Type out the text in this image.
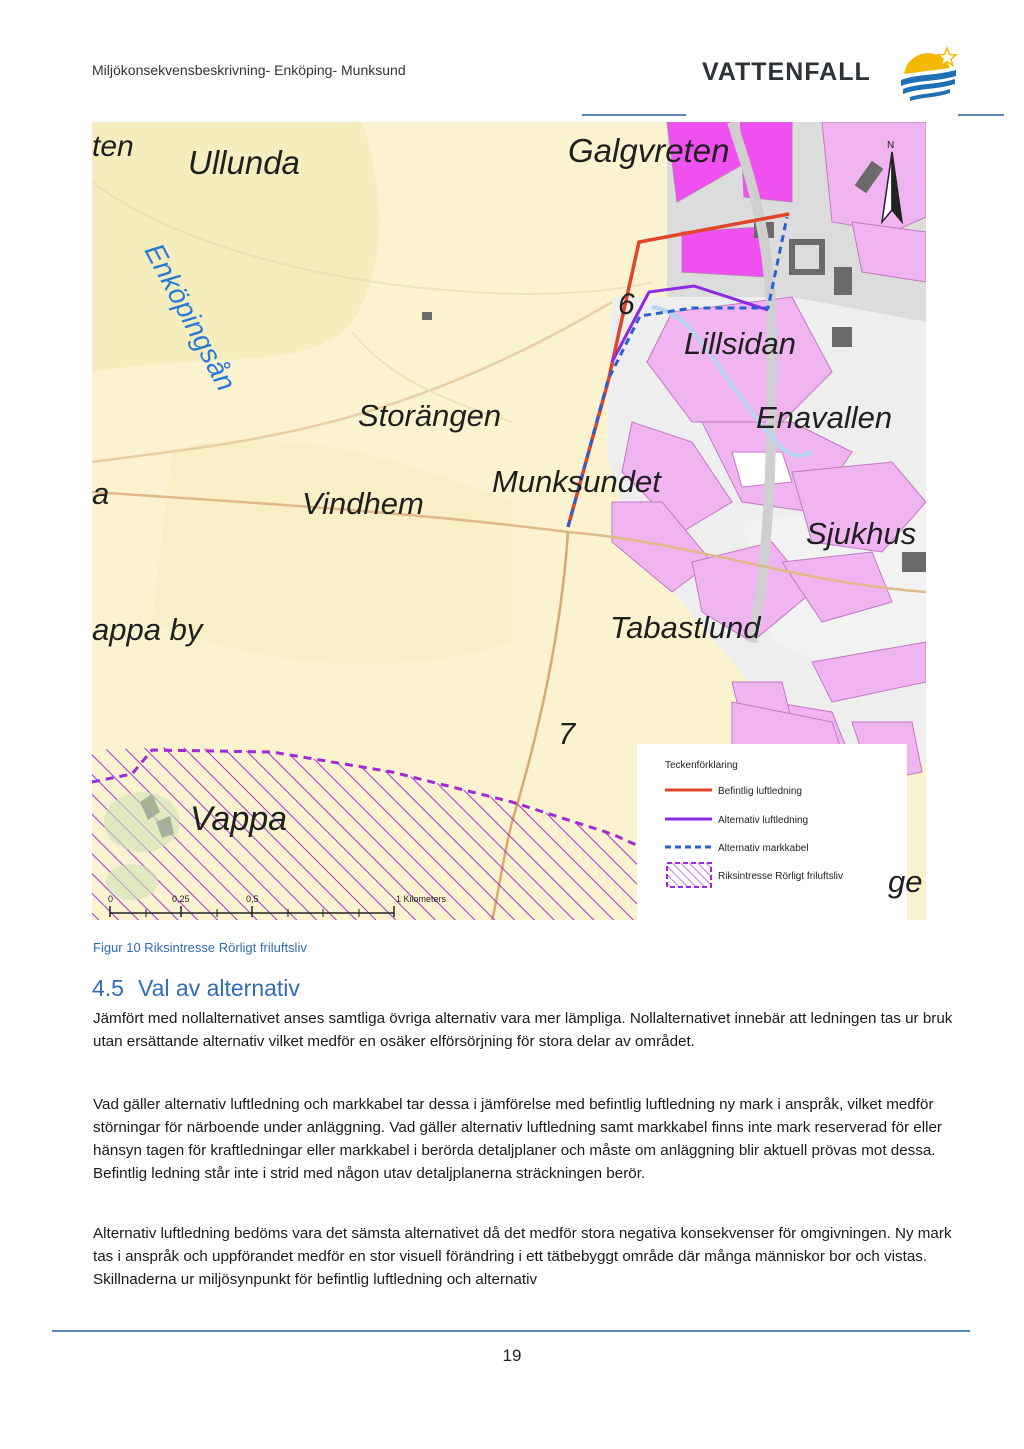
Miljökonsekvensbeskrivning- Enköping- Munksund	VATTENFALL
ten Ullunda	Galgvreten
Enköpingsån	Lillsidan
Storängen	Enavallen
a	Vindhem
Munksundet
Sjukhus
appa by	Tabastlund
Vappa
6
7
N
0	0,25	0,5	1 Kilometers
Teckenförklaring
Befintlig luftledning
Alternativ luftledning
Alternativ markkabel
Riksintresse Rörligt friluftsliv ge
Figur 10 Riksintresse Rörligt friluftsliv
4.5 Val av alternativ

Jämfört med nollalternativet anses samtliga övriga alternativ vara mer lämpliga. Nollalternativet innebär att ledningen tas ur bruk utan ersättande alternativ vilket medför en osäker elförsörjning för stora delar av området.

Vad gäller alternativ luftledning och markkabel tar dessa i jämförelse med befintlig luftledning ny mark i anspråk, vilket medför störningar för närboende under anläggning. Vad gäller alternativ luftledning samt markkabel finns inte mark reserverad för eller hänsyn tagen för kraftledningar eller markkabel i berörda detaljplaner och måste om anläggning blir aktuell prövas mot dessa. Befintlig ledning står inte i strid med någon utav detaljplanerna sträckningen berör.

Alternativ luftledning bedöms vara det sämsta alternativet då det medför stora negativa konsekvenser för omgivningen. Ny mark tas i anspråk och uppförandet medför en stor visuell förändring i ett tätbebyggt område där många människor bor och vistas. Skillnaderna ur miljösynpunkt för befintlig luftledning och alternativ

19
